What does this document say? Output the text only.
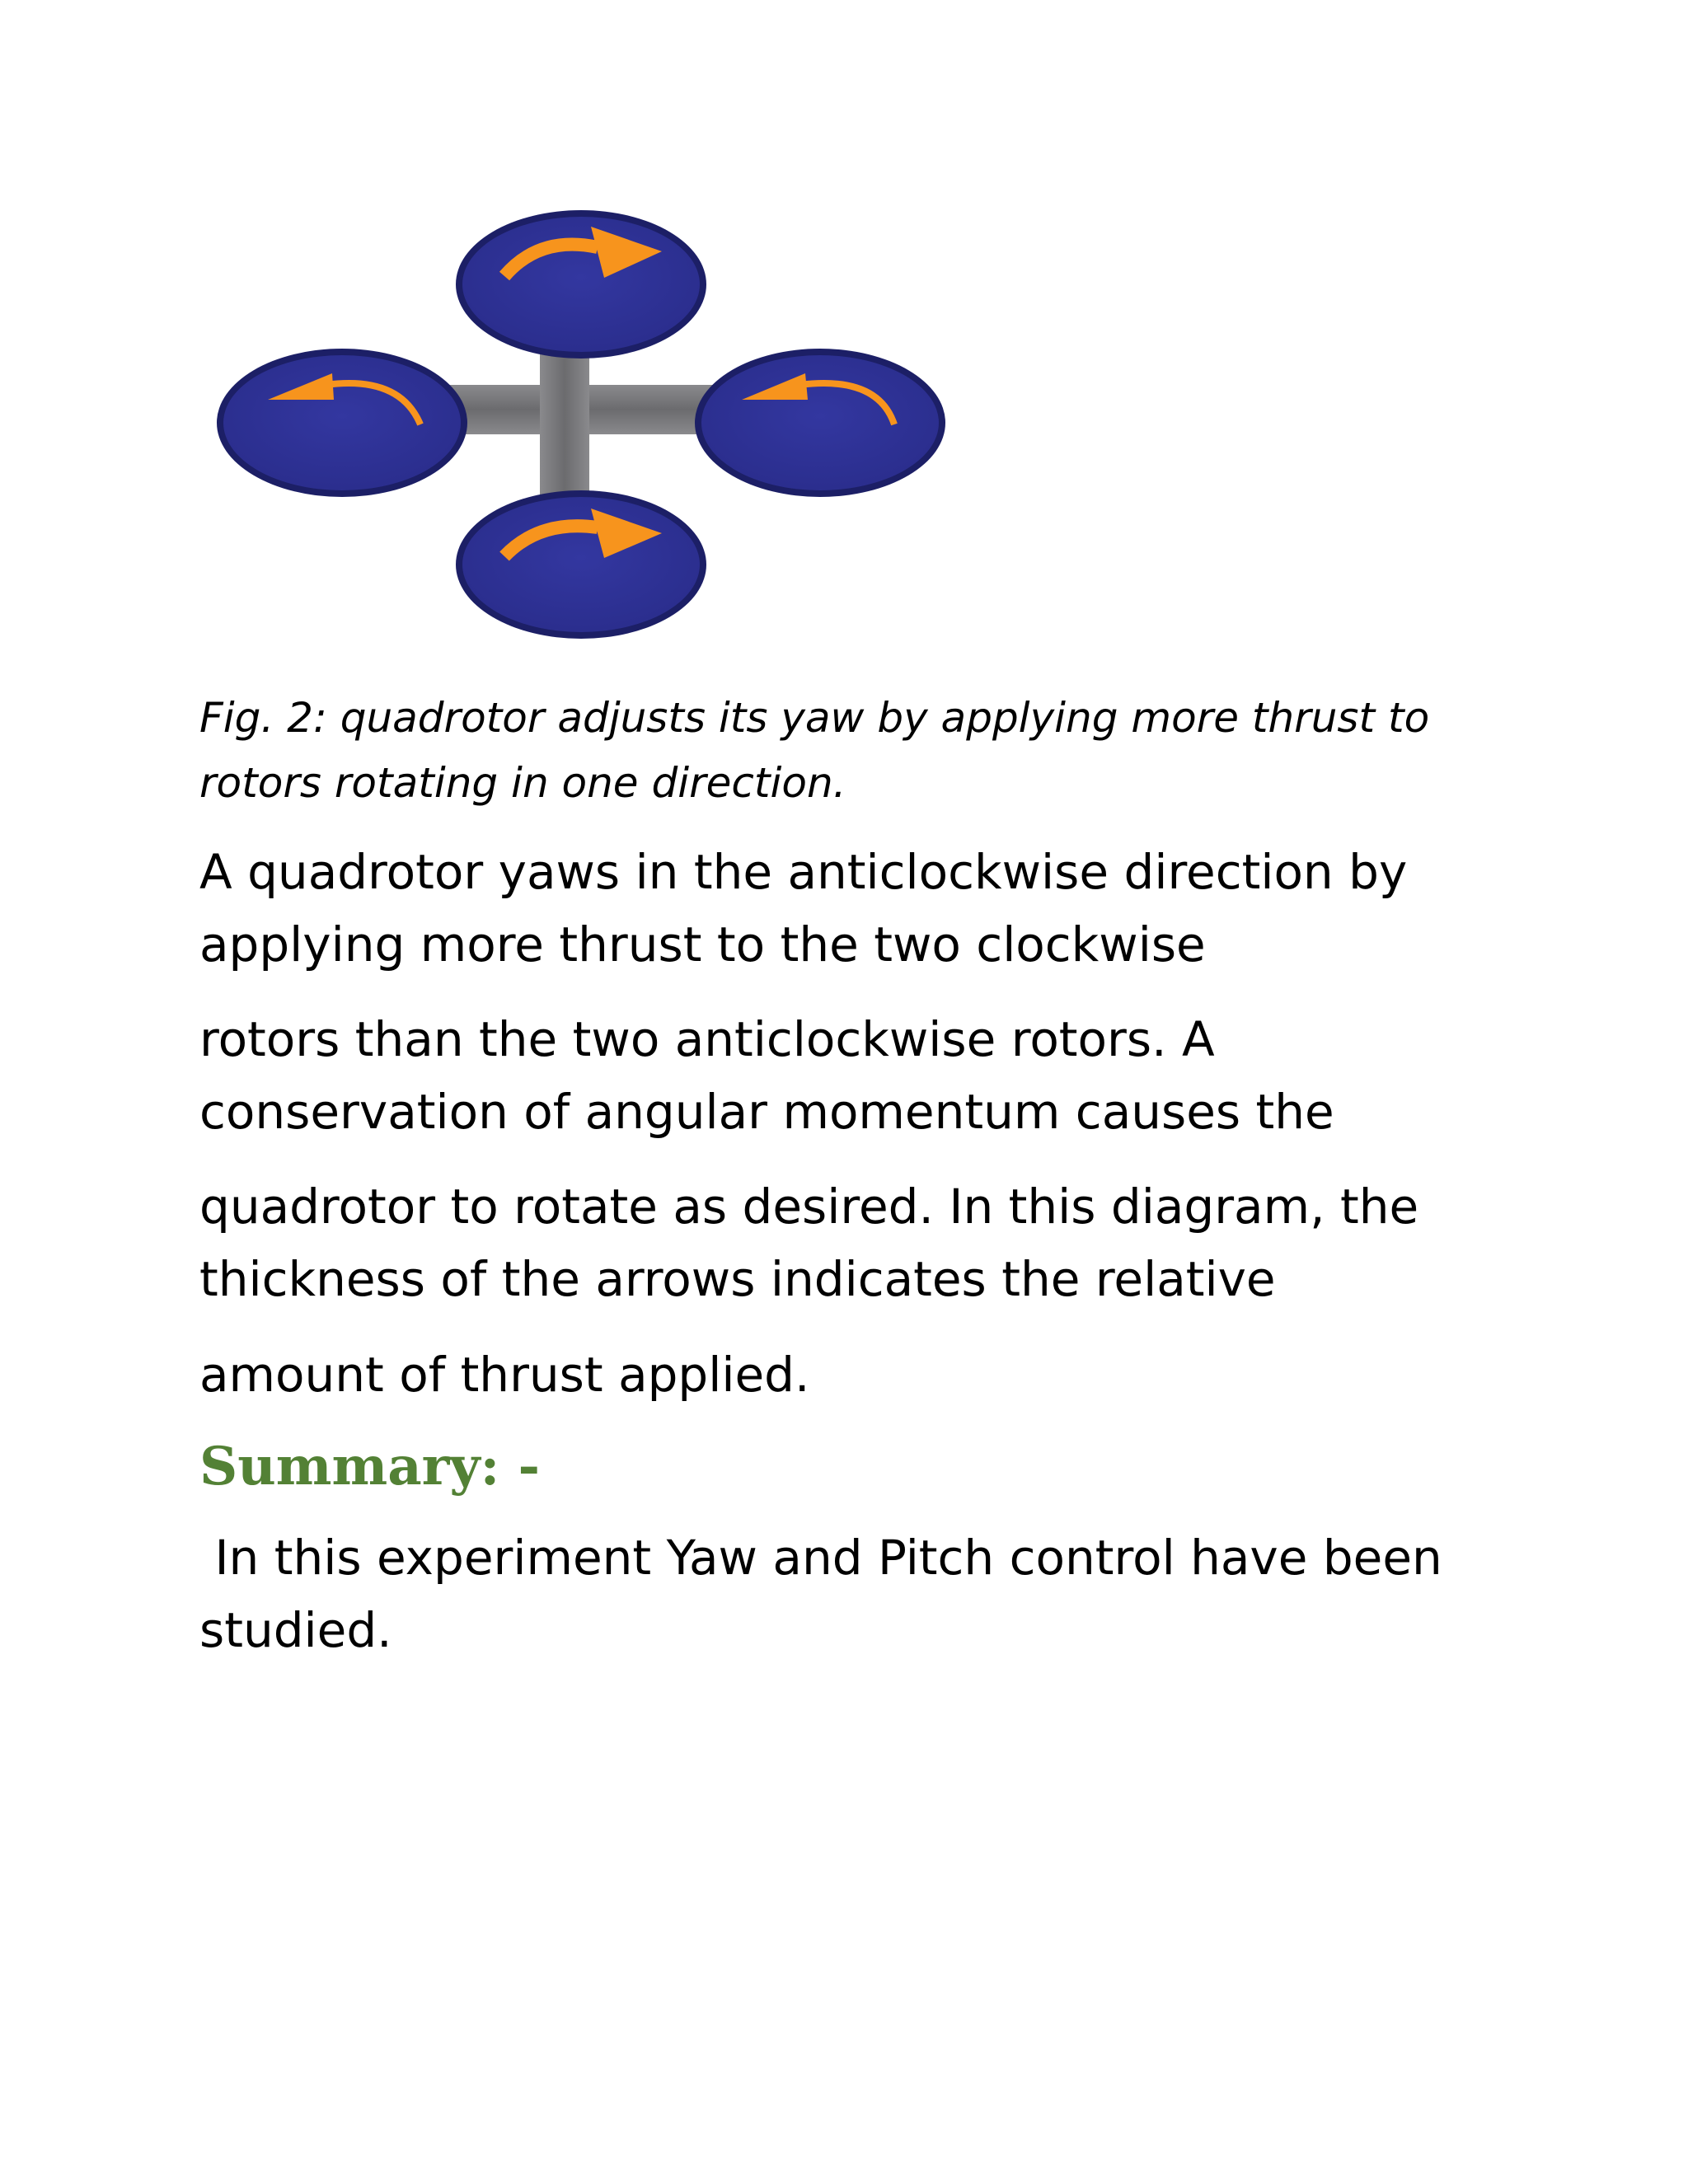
Fig. 2: quadrotor adjusts its yaw by applying more thrust to rotors rotating in one direction.

A quadrotor yaws in the anticlockwise direction by applying more thrust to the two clockwise

rotors than the two anticlockwise rotors. A conservation of angular momentum causes the

quadrotor to rotate as desired. In this diagram, the thickness of the arrows indicates the relative

amount of thrust applied.

Summary: -

In this experiment Yaw and Pitch control have been studied.
